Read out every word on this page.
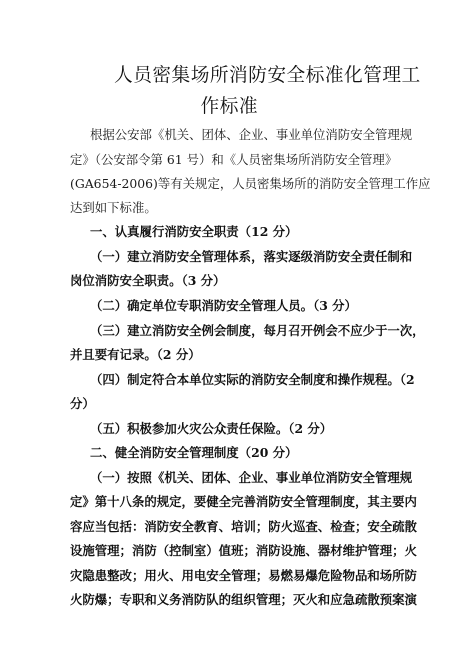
人员密集场所消防安全标准化管理工
作标准
根据公安部《机关、团体、企业、事业单位消防安全管理规
定》（公安部令第 61 号）和《人员密集场所消防安全管理》
(GA654-2006)等有关规定，人员密集场所的消防安全管理工作应
达到如下标准。
一、认真履行消防安全职责（12 分）
（一）建立消防安全管理体系，落实逐级消防安全责任制和
岗位消防安全职责。（3 分）
（二）确定单位专职消防安全管理人员。（3 分）
（三）建立消防安全例会制度，每月召开例会不应少于一次，
并且要有记录。（2 分）
（四）制定符合本单位实际的消防安全制度和操作规程。（2
分）
（五）积极参加火灾公众责任保险。（2 分）
二、健全消防安全管理制度（20 分）
（一）按照《机关、团体、企业、事业单位消防安全管理规
定》第十八条的规定，要健全完善消防安全管理制度，其主要内
容应当包括：消防安全教育、培训；防火巡查、检查；安全疏散
设施管理；消防（控制室）值班；消防设施、器材维护管理；火
灾隐患整改；用火、用电安全管理；易燃易爆危险物品和场所防
火防爆；专职和义务消防队的组织管理；灭火和应急疏散预案演
